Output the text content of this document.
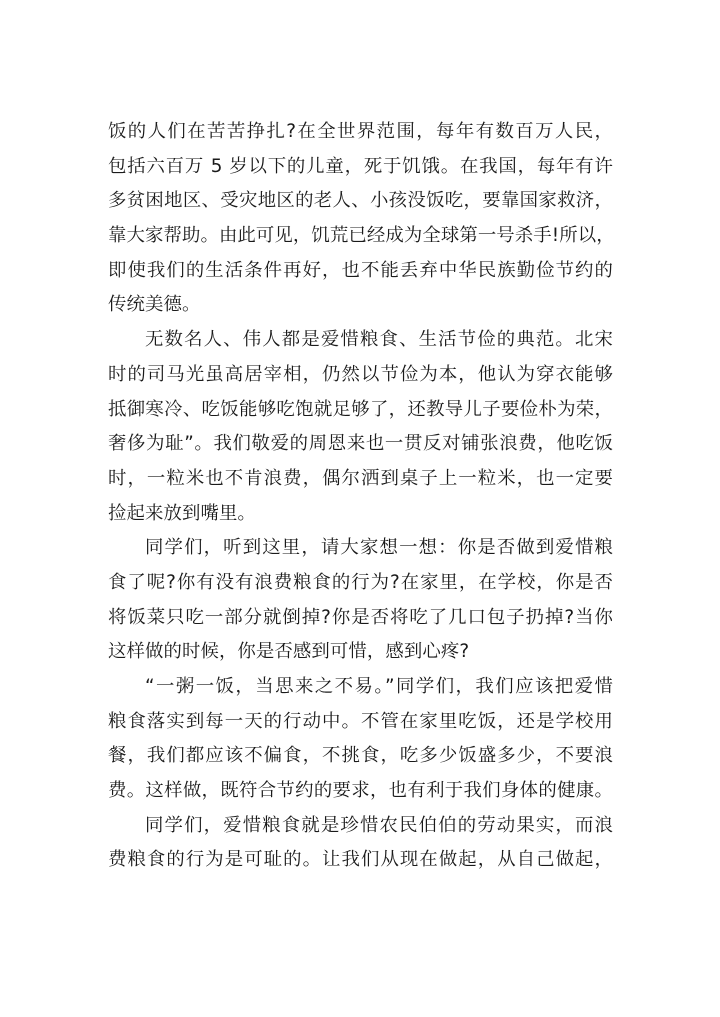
饭的人们在苦苦挣扎?在全世界范围，每年有数百万人民，
包括六百万 5 岁以下的儿童，死于饥饿。在我国，每年有许
多贫困地区、受灾地区的老人、小孩没饭吃，要靠国家救济，
靠大家帮助。由此可见，饥荒已经成为全球第一号杀手!所以，
即使我们的生活条件再好，也不能丢弃中华民族勤俭节约的
传统美德。
无数名人、伟人都是爱惜粮食、生活节俭的典范。北宋
时的司马光虽高居宰相，仍然以节俭为本，他认为穿衣能够
抵御寒冷、吃饭能够吃饱就足够了，还教导儿子要俭朴为荣，
奢侈为耻”。我们敬爱的周恩来也一贯反对铺张浪费，他吃饭
时，一粒米也不肯浪费，偶尔洒到桌子上一粒米，也一定要
捡起来放到嘴里。
同学们，听到这里，请大家想一想：你是否做到爱惜粮
食了呢?你有没有浪费粮食的行为?在家里，在学校，你是否
将饭菜只吃一部分就倒掉?你是否将吃了几口包子扔掉?当你
这样做的时候，你是否感到可惜，感到心疼?
“一粥一饭，当思来之不易。”同学们，我们应该把爱惜
粮食落实到每一天的行动中。不管在家里吃饭，还是学校用
餐，我们都应该不偏食，不挑食，吃多少饭盛多少，不要浪
费。这样做，既符合节约的要求，也有利于我们身体的健康。
同学们，爱惜粮食就是珍惜农民伯伯的劳动果实，而浪
费粮食的行为是可耻的。让我们从现在做起，从自己做起，
